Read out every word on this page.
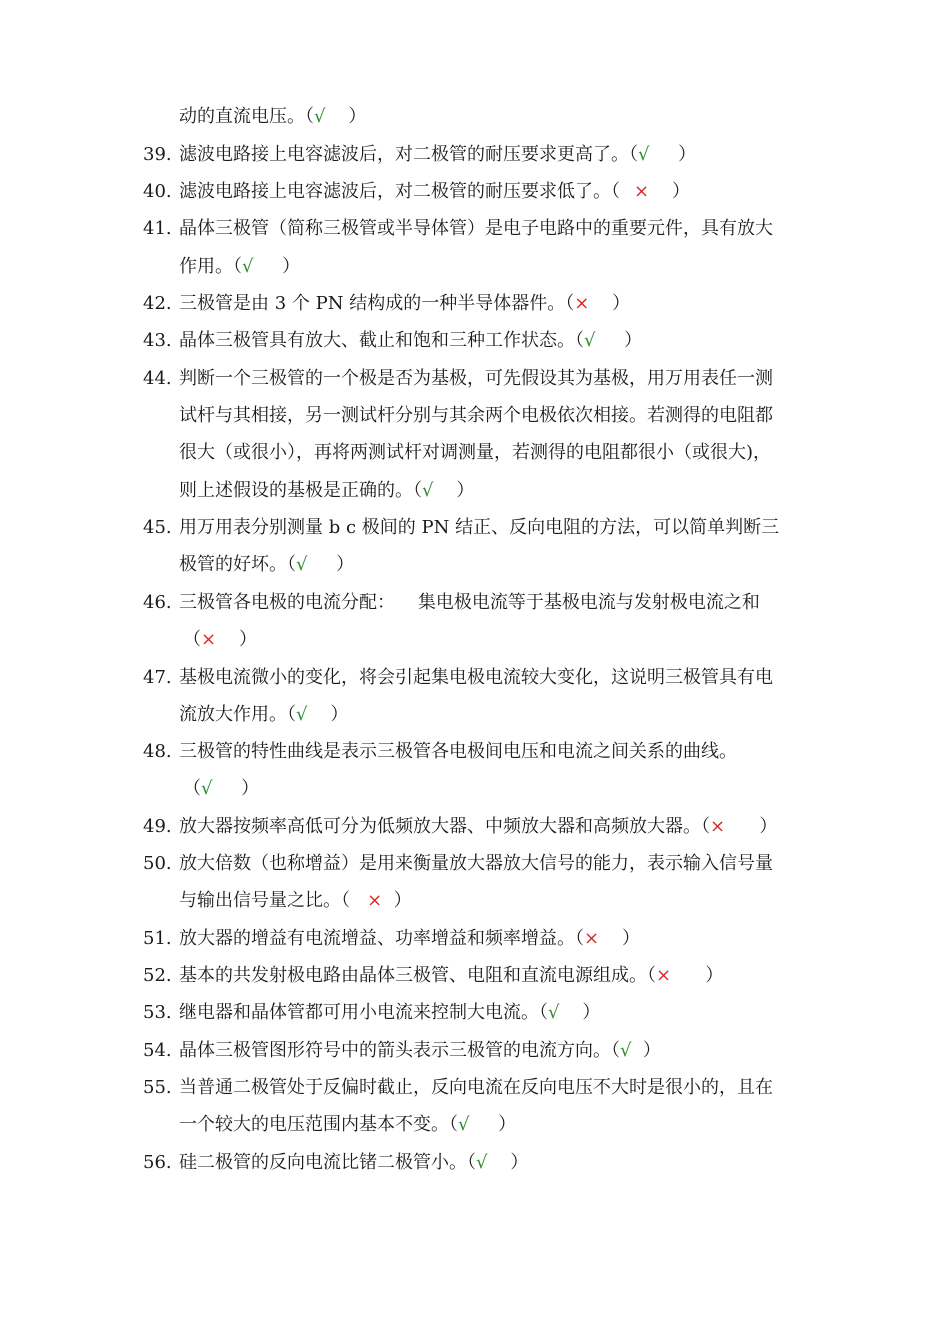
动的直流电压。（√    ）
39. 滤波电路接上电容滤波后，对二极管的耐压要求更高了。（√     ）
40. 滤波电路接上电容滤波后，对二极管的耐压要求低了。（ ×    ）
41. 晶体三极管（简称三极管或半导体管）是电子电路中的重要元件，具有放大
作用。（√     ）
42. 三极管是由 3 个 PN 结构成的一种半导体器件。（×    ）
43. 晶体三极管具有放大、截止和饱和三种工作状态。（√     ）
44. 判断一个三极管的一个极是否为基极，可先假设其为基极，用万用表任一测
试杆与其相接，另一测试杆分别与其余两个电极依次相接。若测得的电阻都
很大（或很小），再将两测试杆对调测量，若测得的电阻都很小（或很大)，
则上述假设的基极是正确的。（√    ）
45. 用万用表分别测量 b c 极间的 PN 结正、反向电阻的方法，可以简单判断三
极管的好坏。（√     ）
46. 三极管各电极的电流分配：    集电极电流等于基极电流与发射极电流之和
（×    ）
47. 基极电流微小的变化，将会引起集电极电流较大变化，这说明三极管具有电
流放大作用。（√    ）
48. 三极管的特性曲线是表示三极管各电极间电压和电流之间关系的曲线。
（√     ）
49. 放大器按频率高低可分为低频放大器、中频放大器和高频放大器。（×      ）
50. 放大倍数（也称增益）是用来衡量放大器放大信号的能力，表示输入信号量
与输出信号量之比。（   ×  ）
51. 放大器的增益有电流增益、功率增益和频率增益。（×    ）
52. 基本的共发射极电路由晶体三极管、电阻和直流电源组成。（×      ）
53. 继电器和晶体管都可用小电流来控制大电流。（√    ）
54. 晶体三极管图形符号中的箭头表示三极管的电流方向。（√  ）
55. 当普通二极管处于反偏时截止，反向电流在反向电压不大时是很小的，且在
一个较大的电压范围内基本不变。（√     ）
56. 硅二极管的反向电流比锗二极管小。（√    ）
